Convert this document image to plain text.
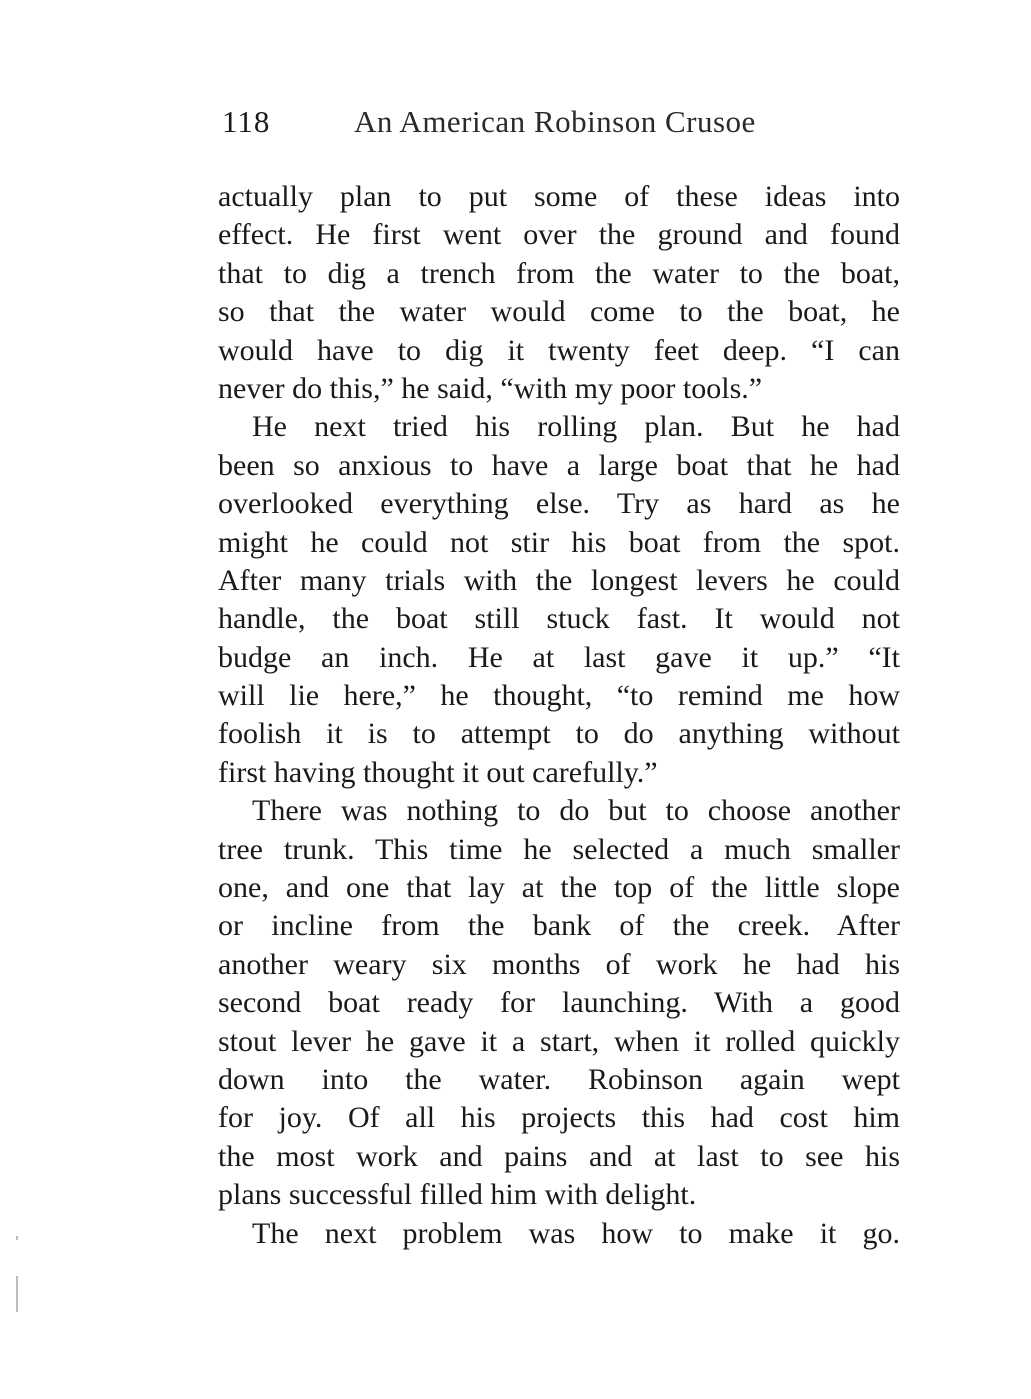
118	An American Robinson Crusoe
actually plan to put some of these ideas into
effect. He first went over the ground and found
that to dig a trench from the water to the boat,
so that the water would come to the boat, he
would have to dig it twenty feet deep. “I can
never do this,” he said, “with my poor tools.”
He next tried his rolling plan. But he had
been so anxious to have a large boat that he had
overlooked everything else. Try as hard as he
might he could not stir his boat from the spot.
After many trials with the longest levers he could
handle, the boat still stuck fast. It would not
budge an inch. He at last gave it up.” “It
will lie here,” he thought, “to remind me how
foolish it is to attempt to do anything without
first having thought it out carefully.”
There was nothing to do but to choose another
tree trunk. This time he selected a much smaller
one, and one that lay at the top of the little slope
or incline from the bank of the creek. After
another weary six months of work he had his
second boat ready for launching. With a good
stout lever he gave it a start, when it rolled quickly
down into the water. Robinson again wept
for joy. Of all his projects this had cost him
the most work and pains and at last to see his
plans successful filled him with delight.
The next problem was how to make it go.
